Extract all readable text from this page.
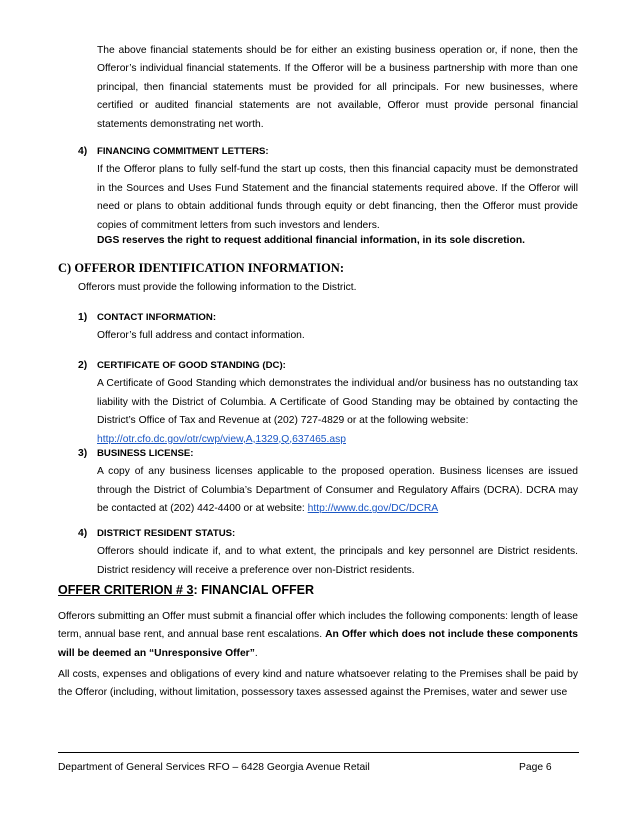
The above financial statements should be for either an existing business operation or, if none, then the Offeror’s individual financial statements. If the Offeror will be a business partnership with more than one principal, then financial statements must be provided for all principals. For new businesses, where certified or audited financial statements are not available, Offeror must provide personal financial statements demonstrating net worth.

4) FINANCING COMMITMENT LETTERS:

If the Offeror plans to fully self-fund the start up costs, then this financial capacity must be demonstrated in the Sources and Uses Fund Statement and the financial statements required above. If the Offeror will need or plans to obtain additional funds through equity or debt financing, then the Offeror must provide copies of commitment letters from such investors and lenders.

DGS reserves the right to request additional financial information, in its sole discretion.

C) OFFEROR IDENTIFICATION INFORMATION:

Offerors must provide the following information to the District.

1) CONTACT INFORMATION:

Offeror’s full address and contact information.

2) CERTIFICATE OF GOOD STANDING (DC):

A Certificate of Good Standing which demonstrates the individual and/or business has no outstanding tax liability with the District of Columbia. A Certificate of Good Standing may be obtained by contacting the District’s Office of Tax and Revenue at (202) 727-4829 or at the following website:

http://otr.cfo.dc.gov/otr/cwp/view,A,1329,Q,637465.asp

3) BUSINESS LICENSE:

A copy of any business licenses applicable to the proposed operation. Business licenses are issued through the District of Columbia’s Department of Consumer and Regulatory Affairs (DCRA). DCRA may be contacted at (202) 442-4400 or at website: http://www.dc.gov/DC/DCRA

4) DISTRICT RESIDENT STATUS:

Offerors should indicate if, and to what extent, the principals and key personnel are District residents. District residency will receive a preference over non-District residents.

OFFER CRITERION # 3: FINANCIAL OFFER

Offerors submitting an Offer must submit a financial offer which includes the following components: length of lease term, annual base rent, and annual base rent escalations. An Offer which does not include these components will be deemed an “Unresponsive Offer”.

All costs, expenses and obligations of every kind and nature whatsoever relating to the Premises shall be paid by the Offeror (including, without limitation, possessory taxes assessed against the Premises, water and sewer use

Department of General Services RFO – 6428 Georgia Avenue Retail	Page 6
